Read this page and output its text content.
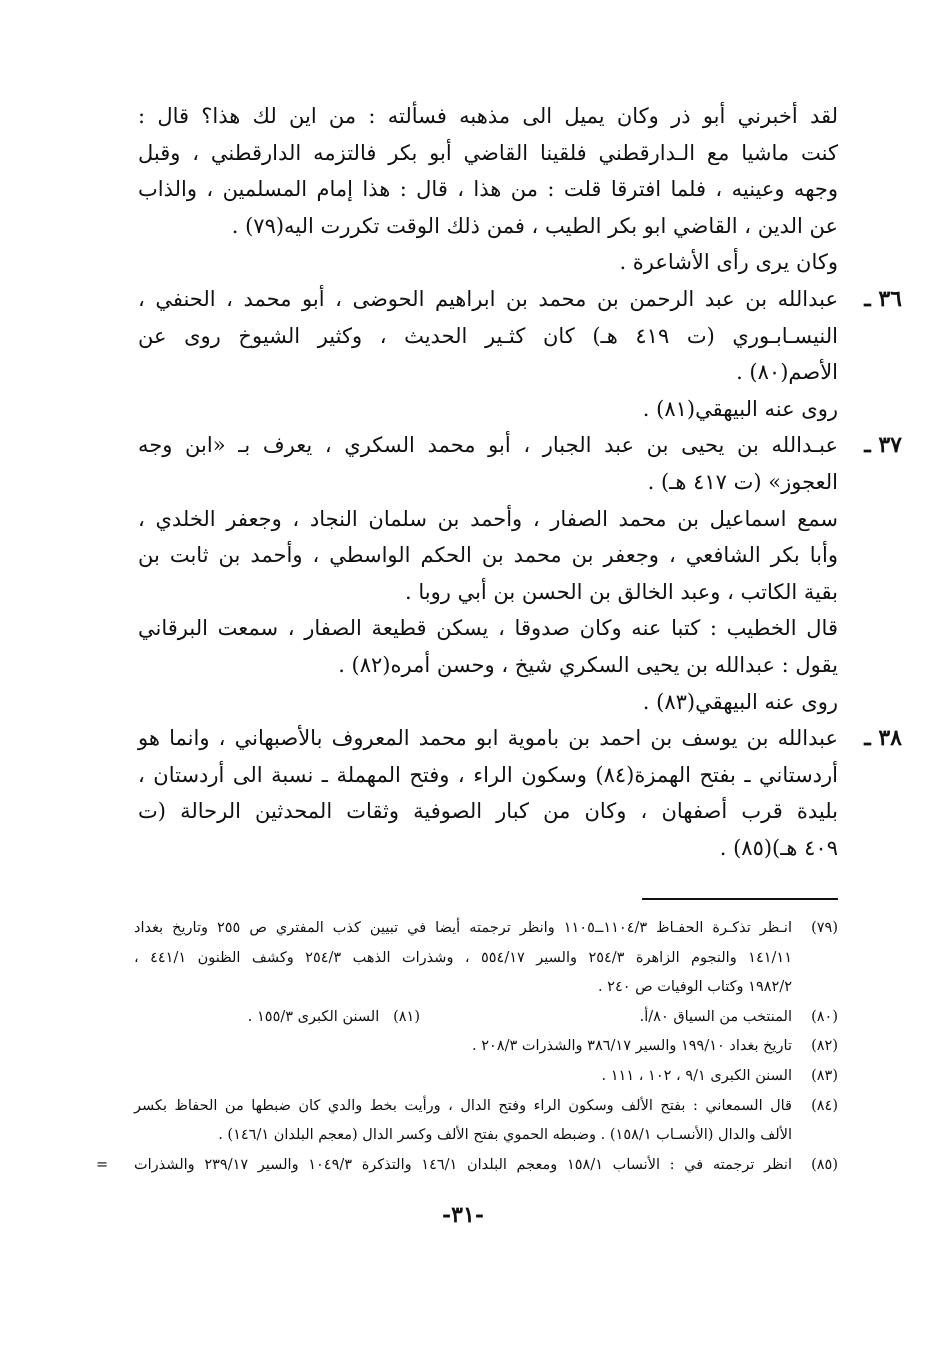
لقد أخبرني أبو ذر وكان يميل الى مذهبه فسألته : من اين لك هذا؟ قال :
كنت ماشيا مع الـدارقطني فلقينا القاضي أبو بكر فالتزمه الدارقطني ، وقبل
وجهه وعينيه ، فلما افترقا قلت : من هذا ، قال : هذا إمام المسلمين ، والذاب
عن الدين ، القاضي ابو بكر الطيب ، فمن ذلك الوقت تكررت اليه(٧٩) .
وكان يرى رأى الأشاعرة .
٣٦ ـ
عبدالله بن عبد الرحمن بن محمد بن ابراهيم الحوضى ، أبو محمد ، الحنفي ،
النيسـابـوري (ت ٤١٩ هـ) كان كثـير الحديث ، وكثير الشيوخ روى عن
الأصم(٨٠) .
روى عنه البيهقي(٨١) .
٣٧ ـ
عبـدالله بن يحيى بن عبد الجبار ، أبو محمد السكري ، يعرف بـ «ابن وجه
العجوز» (ت ٤١٧ هـ) .
سمع اسماعيل بن محمد الصفار ، وأحمد بن سلمان النجاد ، وجعفر الخلدي ،
وأبا بكر الشافعي ، وجعفر بن محمد بن الحكم الواسطي ، وأحمد بن ثابت بن
بقية الكاتب ، وعبد الخالق بن الحسن بن أبي روبا .
قال الخطيب : كتبا عنه وكان صدوقا ، يسكن قطيعة الصفار ، سمعت البرقاني
يقول : عبدالله بن يحيى السكري شيخ ، وحسن أمره(٨٢) .
روى عنه البيهقي(٨٣) .
٣٨ ـ
عبدالله بن يوسف بن احمد بن باموية ابو محمد المعروف بالأصبهاني ، وانما هو
أردستاني ـ بفتح الهمزة(٨٤) وسكون الراء ، وفتح المهملة ـ نسبة الى أردستان ،
بليدة قرب أصفهان ، وكان من كبار الصوفية وثقات المحدثين الرحالة (ت
٤٠٩ هـ)(٨٥) .
(٧٩)
انـظر تذكـرة الحفـاظ ١١٠٤/٣ــ١١٠٥ وانظر ترجمته أيضا في تبيين كذب المفتري ص ٢٥٥ وتاريخ بغداد
١٤١/١١ والنجوم الزاهرة ٢٥٤/٣ والسير ٥٥٤/١٧ ، وشذرات الذهب ٢٥٤/٣ وكشف الظنون ٤٤١/١ ،
١٩٨٢/٢ وكتاب الوفيات ص ٢٤٠ .
(٨٠)
المنتخب من السياق ٨٠/أ.
(٨١)   السنن الكبرى ١٥٥/٣ .
(٨٢)
تاريخ بغداد ١٩٩/١٠ والسير ٣٨٦/١٧ والشذرات ٢٠٨/٣ .
(٨٣)
السنن الكبرى ٩/١ ، ١٠٢ ، ١١١ .
(٨٤)
قال السمعاني : بفتح الألف وسكون الراء وفتح الدال ، ورأيت بخط والدي كان ضبطها من الحفاظ بكسر
الألف والدال (الأنسـاب ١٥٨/١) . وضبطه الحموي بفتح الألف وكسر الدال (معجم البلدان ١٤٦/١) .
(٨٥)
انظر ترجمته في : الأنساب ١٥٨/١ ومعجم البلدان ١٤٦/١ والتذكرة ١٠٤٩/٣ والسير ٢٣٩/١٧ والشذرات
=
-٣١-
